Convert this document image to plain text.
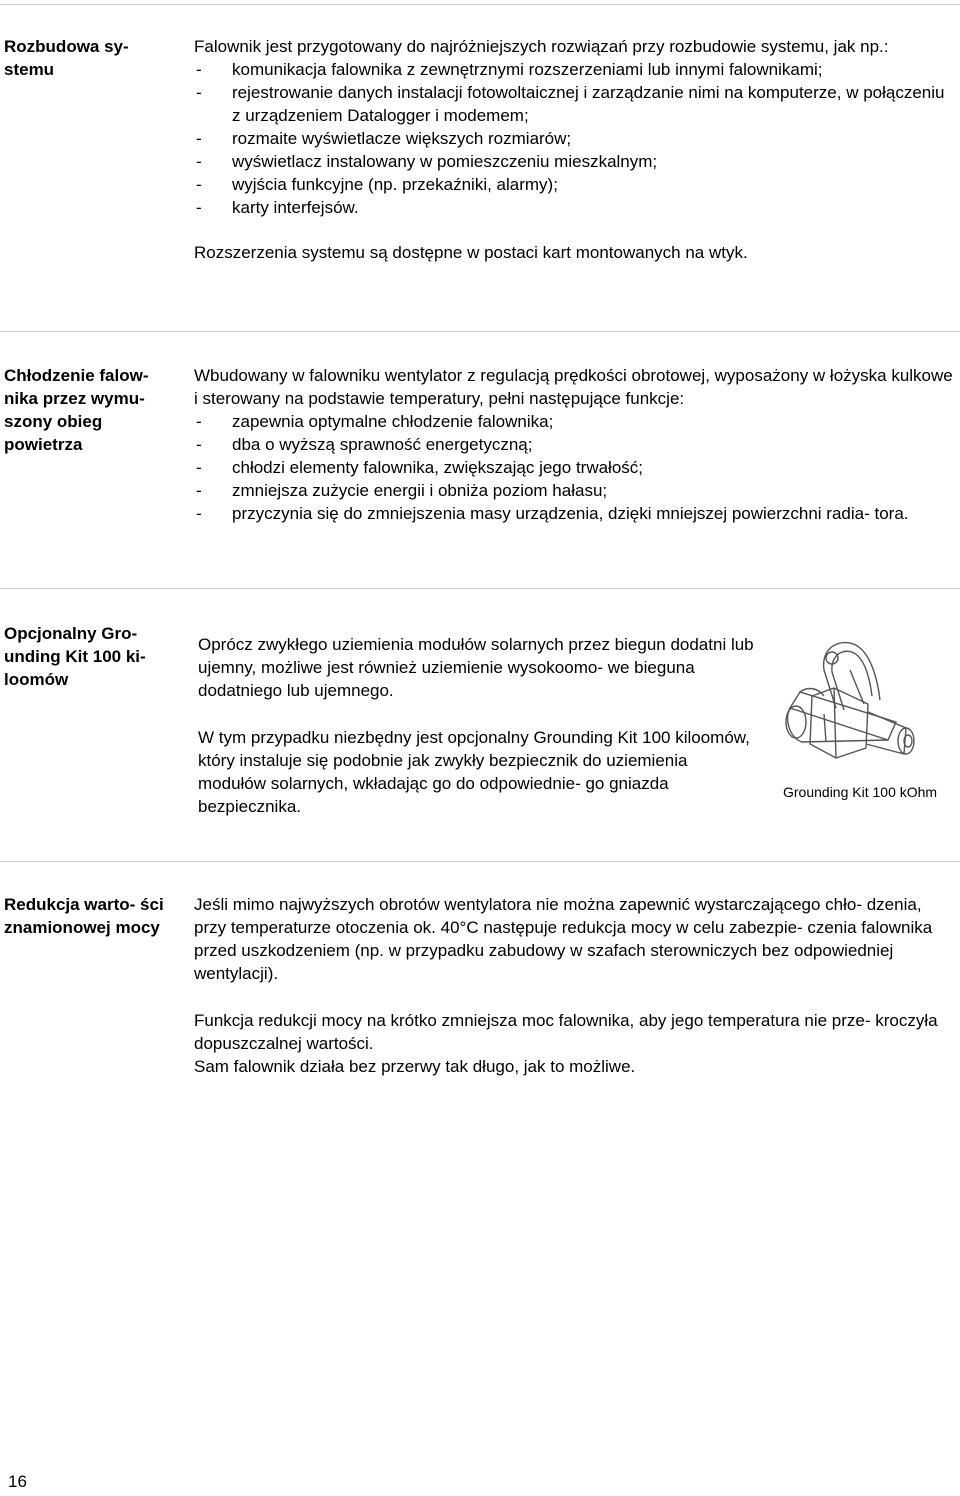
Rozbudowa sy- stemu

Falownik jest przygotowany do najróżniejszych rozwiązań przy rozbudowie systemu, jak np.:

- komunikacja falownika z zewnętrznymi rozszerzeniami lub innymi falownikami;
- rejestrowanie danych instalacji fotowoltaicznej i zarządzanie nimi na komputerze, w połączeniu z urządzeniem Datalogger i modemem;
- rozmaite wyświetlacze większych rozmiarów;
- wyświetlacz instalowany w pomieszczeniu mieszkalnym;
- wyjścia funkcyjne (np. przekaźniki, alarmy);
- karty interfejsów.

Rozszerzenia systemu są dostępne w postaci kart montowanych na wtyk.

Chłodzenie falow- nika przez wymu- szony obieg powietrza

Wbudowany w falowniku wentylator z regulacją prędkości obrotowej, wyposażony w łożyska kulkowe i sterowany na podstawie temperatury, pełni następujące funkcje:

- zapewnia optymalne chłodzenie falownika;
- dba o wyższą sprawność energetyczną;
- chłodzi elementy falownika, zwiększając jego trwałość;
- zmniejsza zużycie energii i obniża poziom hałasu;
- przyczynia się do zmniejszenia masy urządzenia, dzięki mniejszej powierzchni radia- tora.
Opcjonalny Gro- unding Kit 100 ki- loomów

Oprócz zwykłego uziemienia modułów solarnych przez biegun dodatni lub ujemny, możliwe jest również uziemienie wysokoomo- we bieguna dodatniego lub ujemnego.

W tym przypadku niezbędny jest opcjonalny Grounding Kit 100 kiloomów, który instaluje się podobnie jak zwykły bezpiecznik do uziemienia modułów solarnych, wkładając go do odpowiednie- go gniazda bezpiecznika.

Grounding Kit 100 kOhm
Redukcja warto- ści znamionowej mocy

Jeśli mimo najwyższych obrotów wentylatora nie można zapewnić wystarczającego chło- dzenia, przy temperaturze otoczenia ok. 40°C następuje redukcja mocy w celu zabezpie- czenia falownika przed uszkodzeniem (np. w przypadku zabudowy w szafach sterowniczych bez odpowiedniej wentylacji).

Funkcja redukcji mocy na krótko zmniejsza moc falownika, aby jego temperatura nie prze- kroczyła dopuszczalnej wartości.

Sam falownik działa bez przerwy tak długo, jak to możliwe.

16
